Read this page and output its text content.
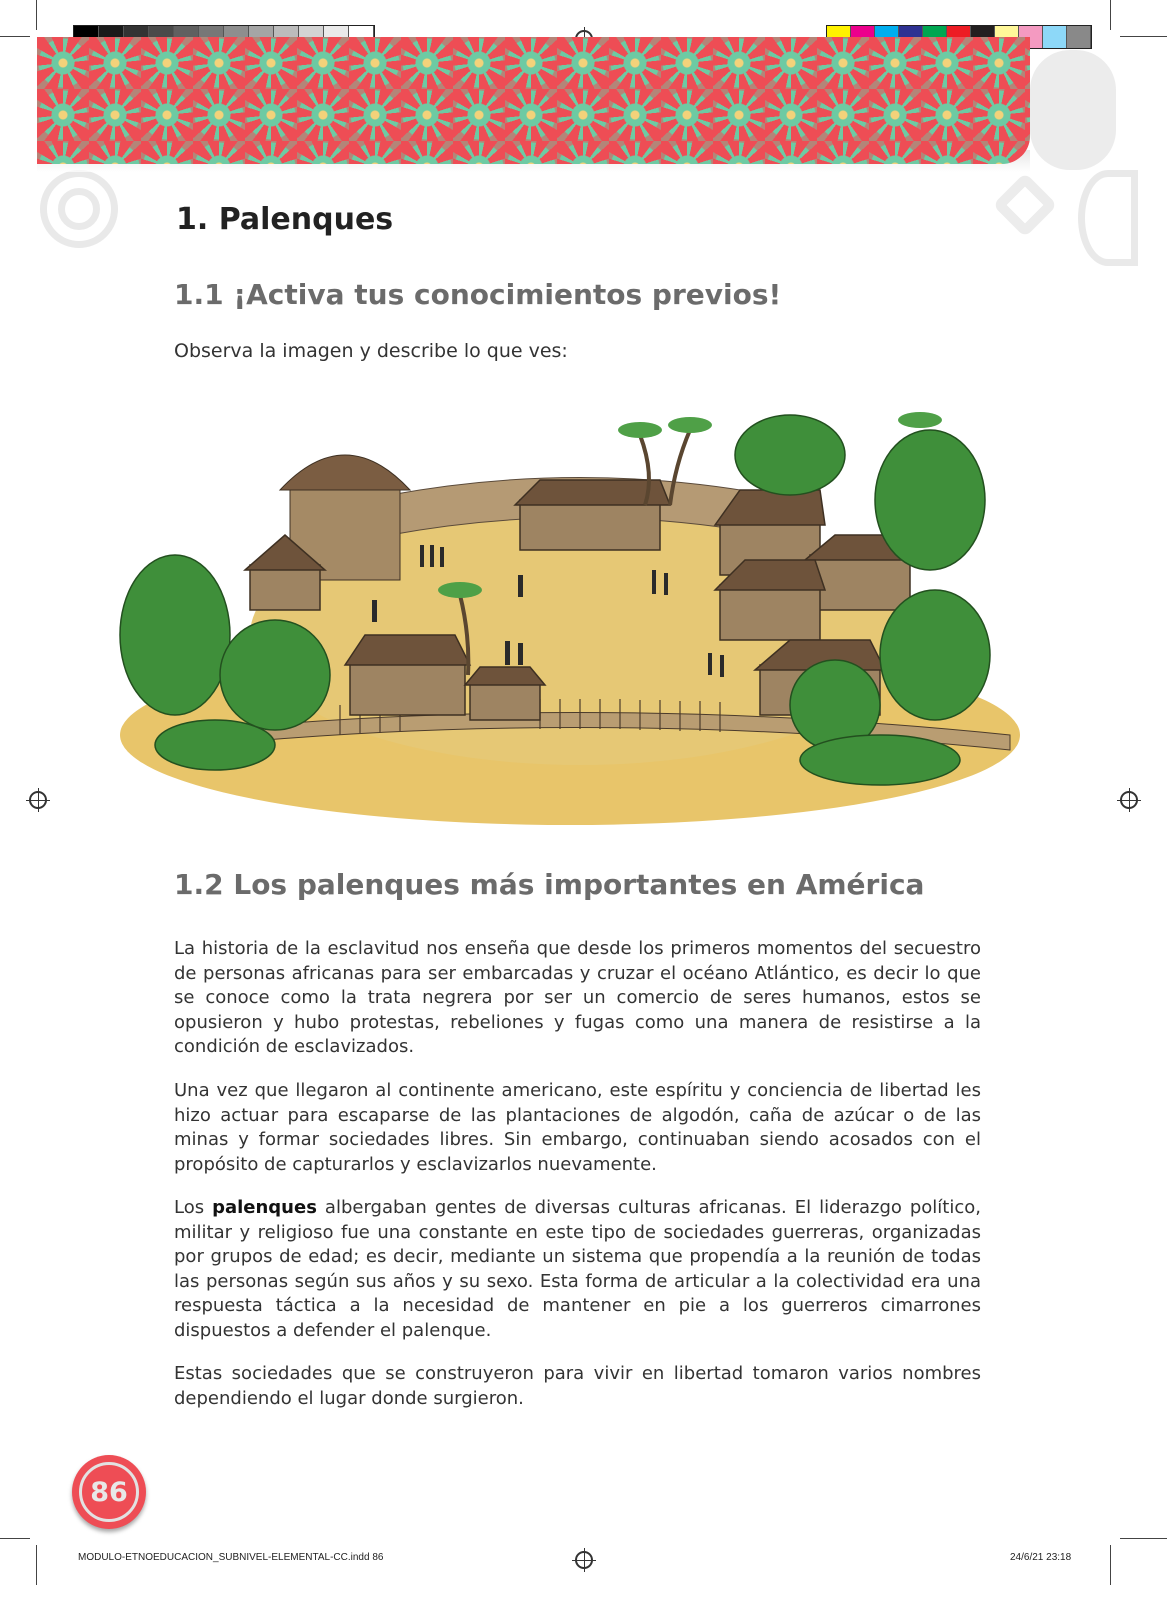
1. Palenques
1.1 ¡Activa tus conocimientos previos!

Observa la imagen y describe lo que ves:

1.2 Los palenques más importantes en América

La historia de la esclavitud nos enseña que desde los primeros momentos del secuestro de personas africanas para ser embarcadas y cruzar el océano Atlántico, es decir lo que se conoce como la trata negrera por ser un comercio de seres humanos, estos se opusieron y hubo protestas, rebeliones y fugas como una manera de resistirse a la condición de esclavizados.

Una vez que llegaron al continente americano, este espíritu y conciencia de libertad les hizo actuar para escaparse de las plantaciones de algodón, caña de azúcar o de las minas y formar sociedades libres. Sin embargo, continuaban siendo acosados con el propósito de capturarlos y esclavizarlos nuevamente.

Los palenques albergaban gentes de diversas culturas africanas. El liderazgo político, militar y religioso fue una constante en este tipo de sociedades guerreras, organizadas por grupos de edad; es decir, mediante un sistema que propendía a la reunión de todas las personas según sus años y su sexo. Esta forma de articular a la colectividad era una respuesta táctica a la necesidad de mantener en pie a los guerreros cimarrones dispuestos a defender el palenque.

Estas sociedades que se construyeron para vivir en libertad tomaron varios nombres dependiendo el lugar donde surgieron.

86
MODULO-ETNOEDUCACION_SUBNIVEL-ELEMENTAL-CC.indd 86	24/6/21 23:18
